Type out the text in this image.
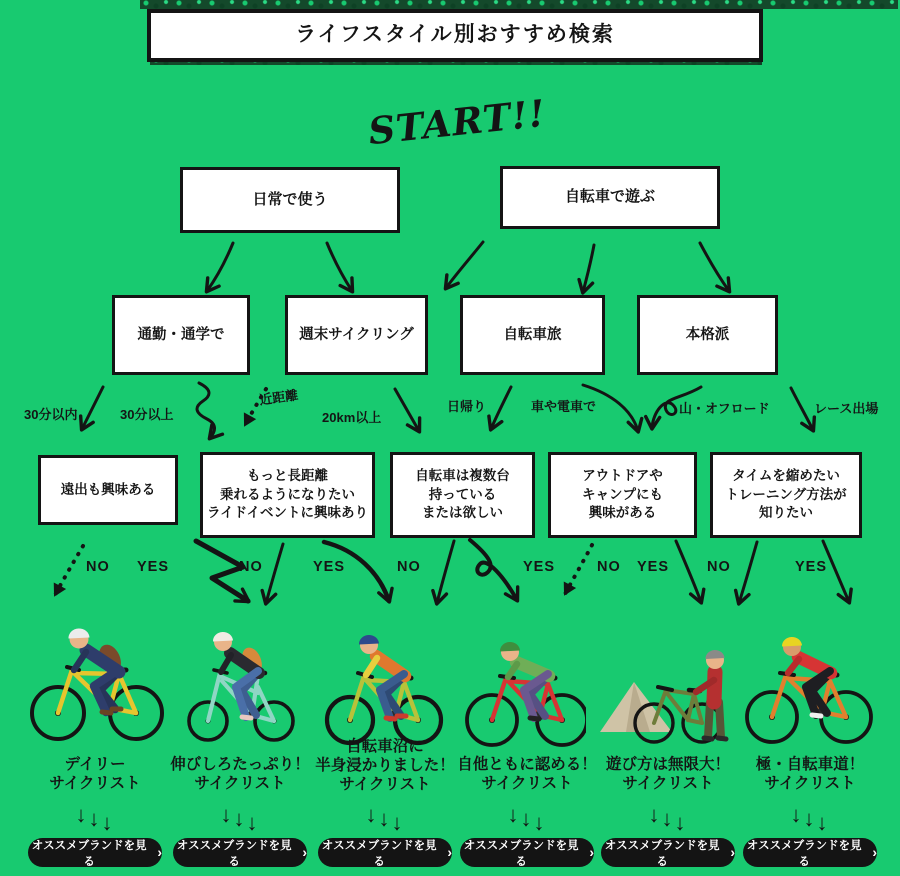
ライフスタイル別おすすめ検索
START!!
日常で使う	自転車で遊ぶ
通勤・通学で	週末サイクリング	自転車旅	本格派
30分以内	30分以上
近距離
20km以上
日帰り	車や電車で	山・オフロード	レース出場
遠出も興味ある
もっと長距離
乗れるようになりたい
ライドイベントに興味あり
自転車は複数台
持っている
または欲しい
アウトドアや
キャンプにも
興味がある
タイムを縮めたい
トレーニング方法が
知りたい
NO YES	NO	YES	NO	YES	NO YES	NO	YES
デイリー
サイクリスト
伸びしろたっぷり！
サイクリスト
自転車沼に
半身浸かりました！
サイクリスト
自他ともに認める！
サイクリスト
遊び方は無限大！
サイクリスト
極・自転車道！
サイクリスト
↓↓↓	↓↓↓	↓↓↓	↓↓↓	↓↓↓	↓↓↓
オススメブランドを見る
›	オススメブランドを見る
›	オススメブランドを見る
›	オススメブランドを見る
› オススメブランドを見る
›	オススメブランドを見る
›
